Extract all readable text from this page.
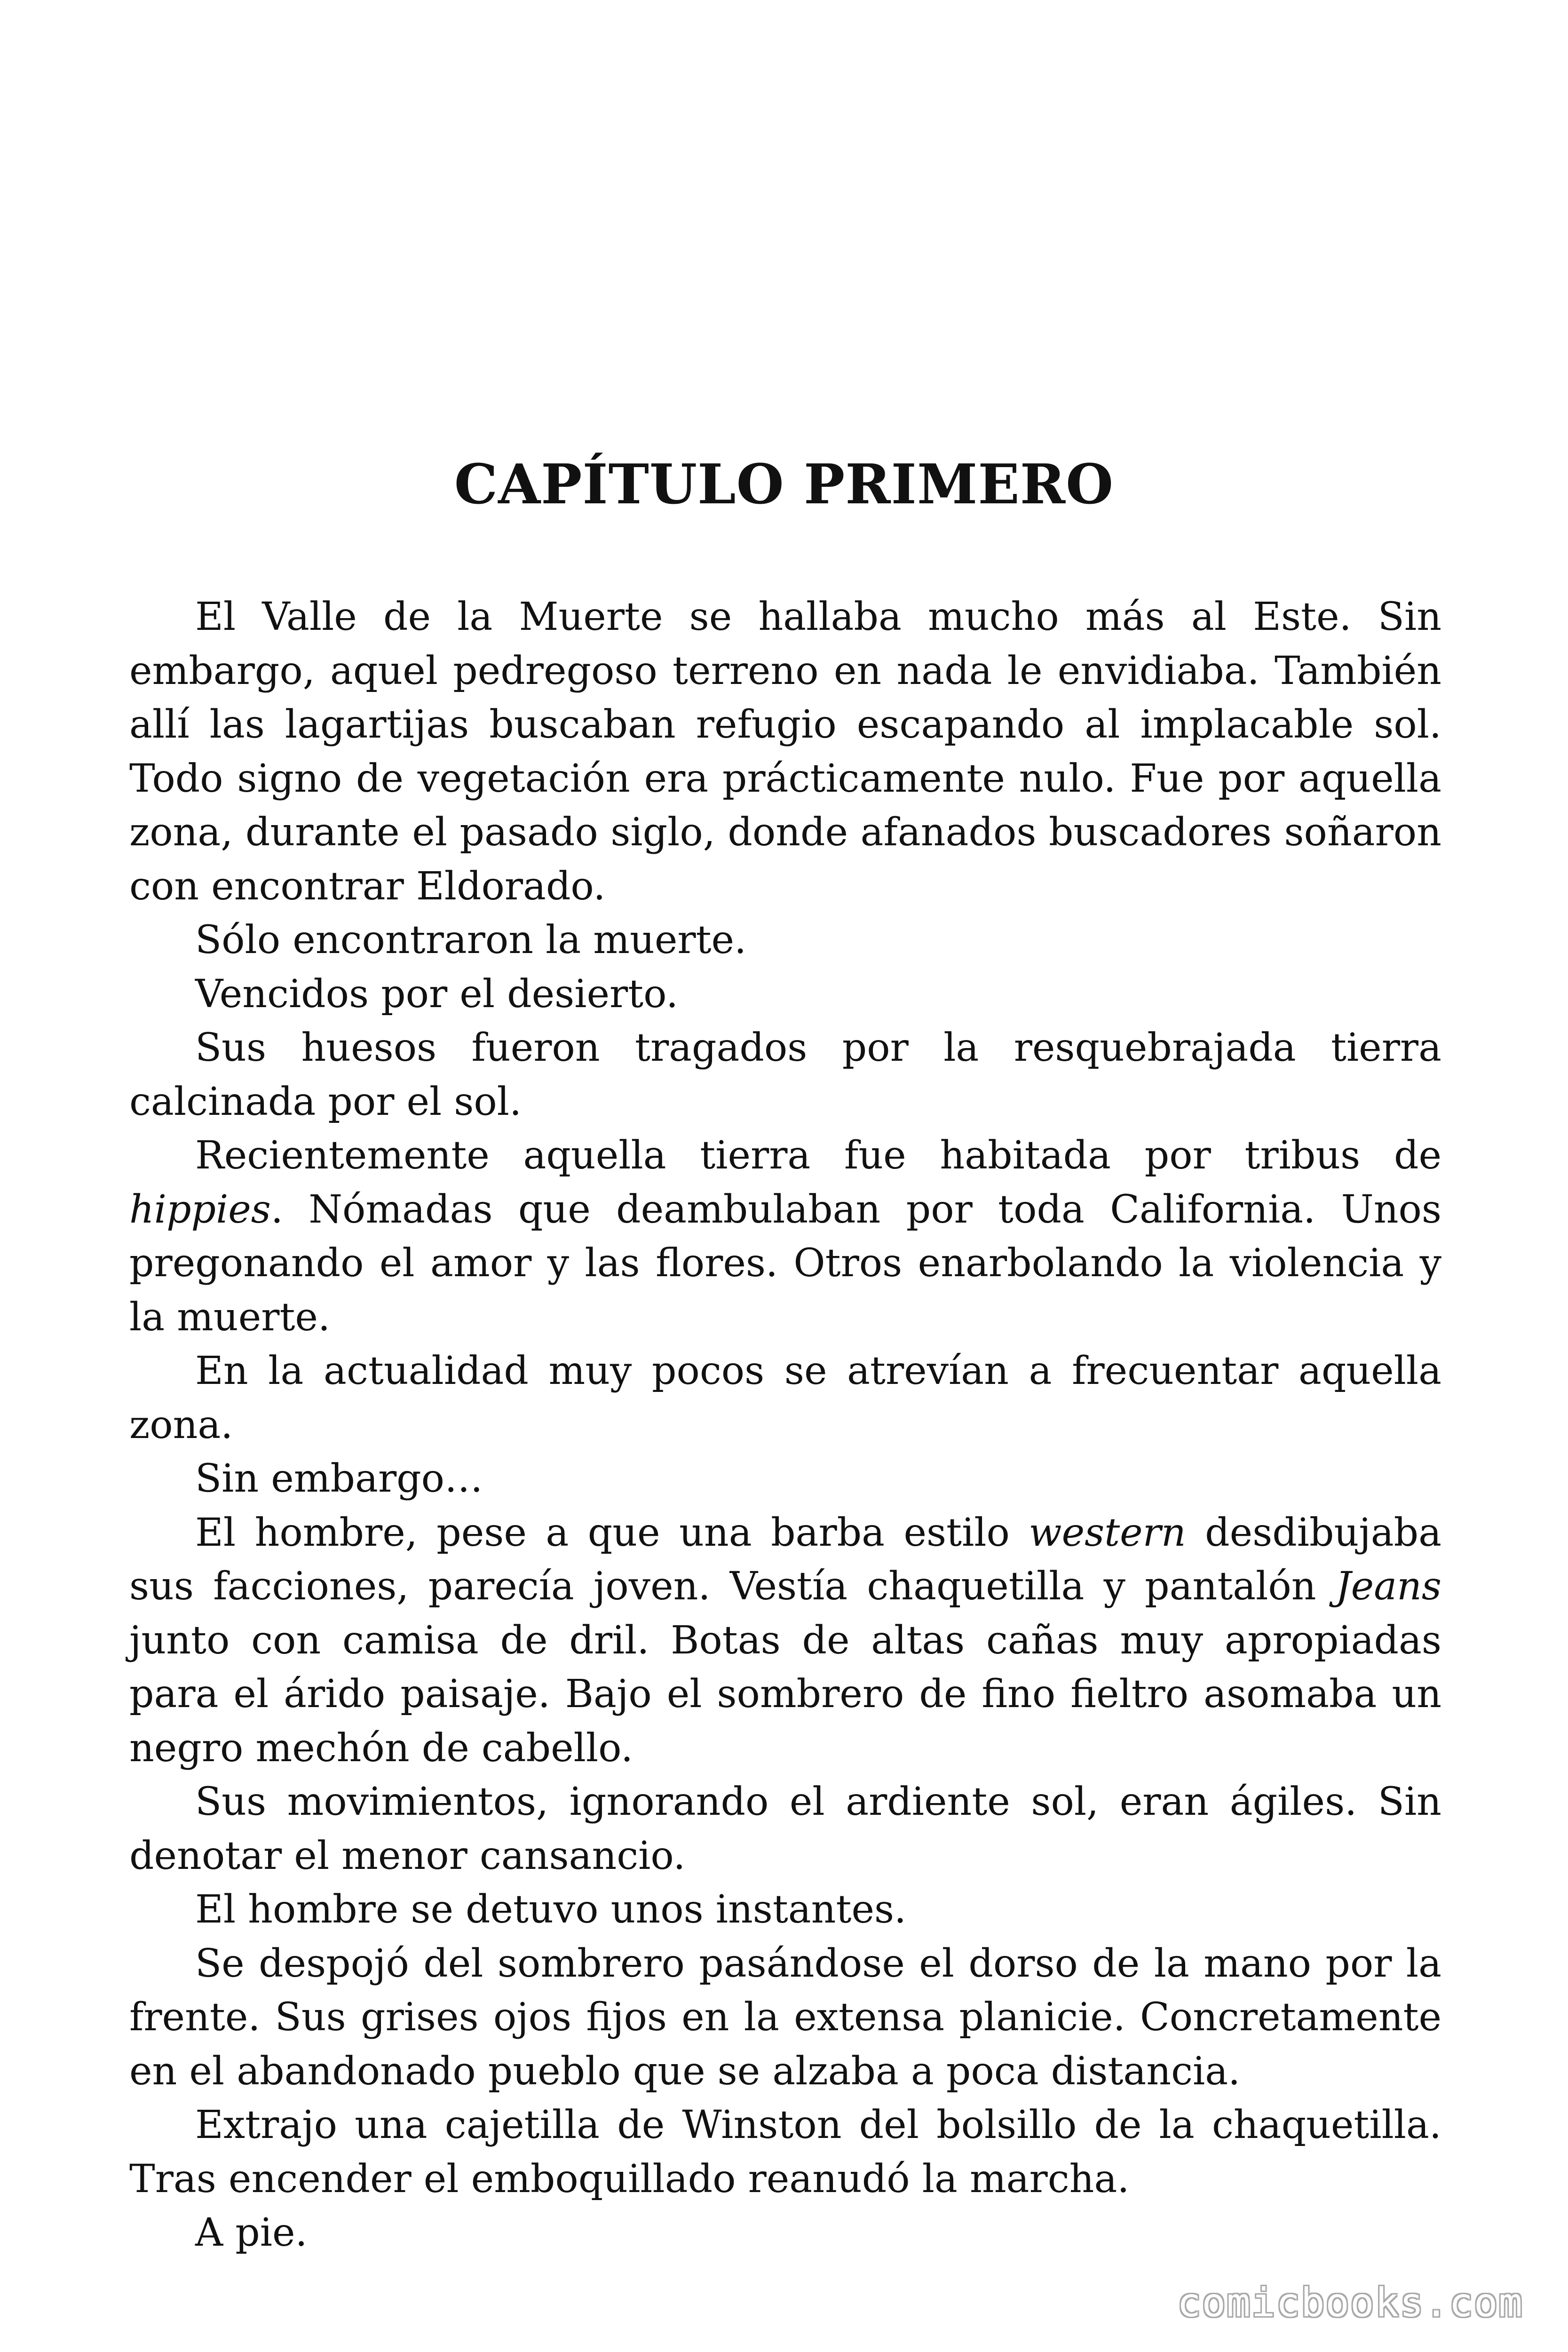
CAPÍTULO PRIMERO

El Valle de la Muerte se hallaba mucho más al Este. Sin embargo, aquel pedregoso terreno en nada le envidiaba. También allí las lagartijas buscaban refugio escapando al implacable sol. Todo signo de vegetación era prácticamente nulo. Fue por aquella zona, durante el pasado siglo, donde afanados buscadores soñaron con encontrar Eldorado.

Sólo encontraron la muerte.

Vencidos por el desierto.

Sus huesos fueron tragados por la resquebrajada tierra calcinada por el sol.

Recientemente aquella tierra fue habitada por tribus de hippies. Nómadas que deambulaban por toda California. Unos pregonando el amor y las flores. Otros enarbolando la violencia y la muerte.

En la actualidad muy pocos se atrevían a frecuentar aquella zona.

Sin embargo…

El hombre, pese a que una barba estilo western desdibujaba sus facciones, parecía joven. Vestía chaquetilla y pantalón Jeans junto con camisa de dril. Botas de altas cañas muy apropiadas para el árido paisaje. Bajo el sombrero de fino fieltro asomaba un negro mechón de cabello.

Sus movimientos, ignorando el ardiente sol, eran ágiles. Sin denotar el menor cansancio.

El hombre se detuvo unos instantes.

Se despojó del sombrero pasándose el dorso de la mano por la frente. Sus grises ojos fijos en la extensa planicie. Concretamente en el abandonado pueblo que se alzaba a poca distancia.

Extrajo una cajetilla de Winston del bolsillo de la chaquetilla. Tras encender el emboquillado reanudó la marcha.

A pie.

comicbooks.com
